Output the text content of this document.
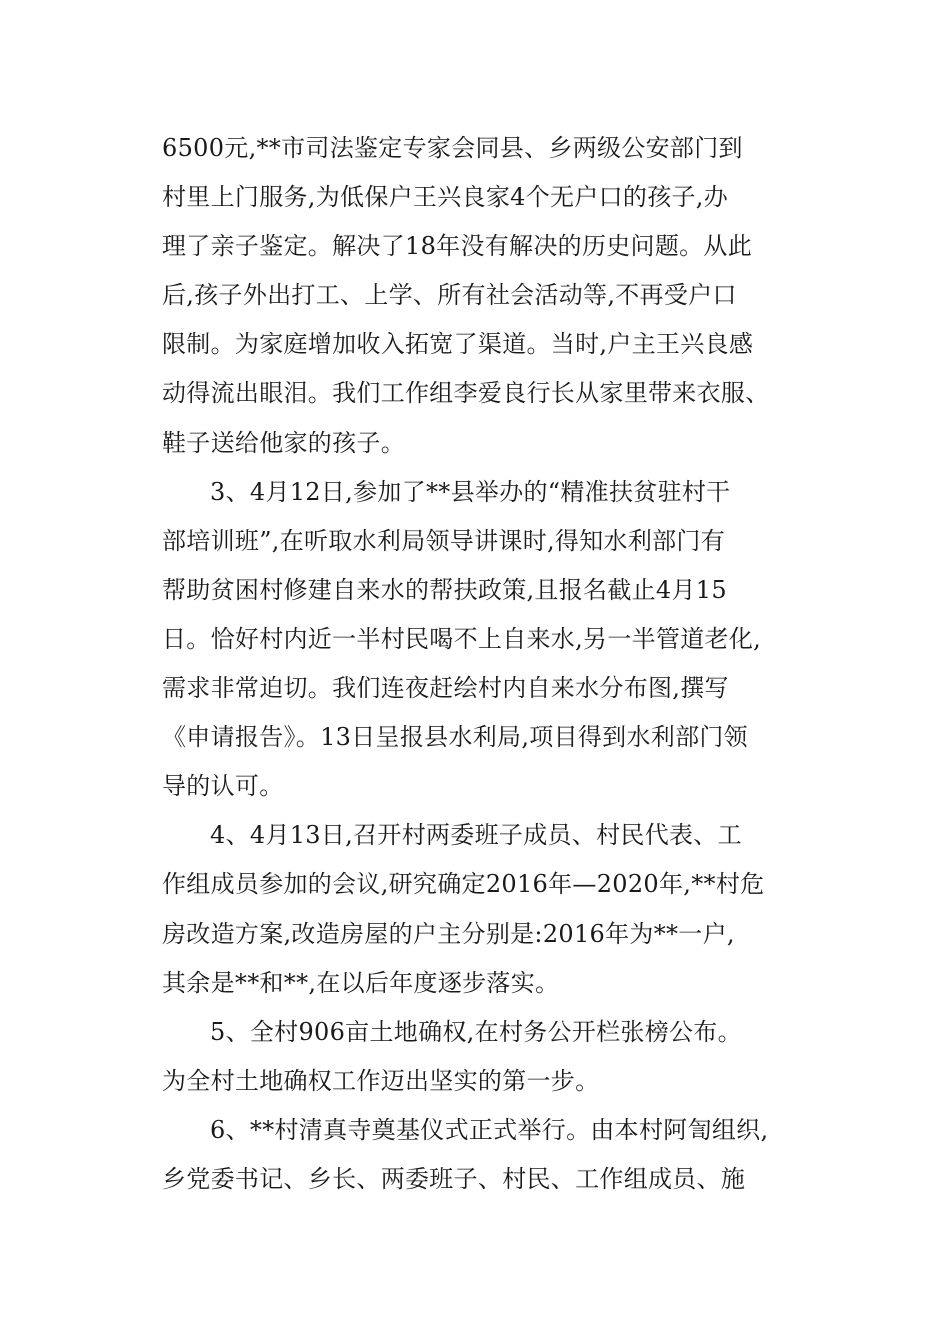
6500元,**市司法鉴定专家会同县、乡两级公安部门到
村里上门服务,为低保户王兴良家4个无户口的孩子,办
理了亲子鉴定。解决了18年没有解决的历史问题。从此
后,孩子外出打工、上学、所有社会活动等,不再受户口
限制。为家庭增加收入拓宽了渠道。当时,户主王兴良感
动得流出眼泪。我们工作组李爱良行长从家里带来衣服、
鞋子送给他家的孩子。
3、4月12日,参加了**县举办的“精准扶贫驻村干
部培训班”,在听取水利局领导讲课时,得知水利部门有
帮助贫困村修建自来水的帮扶政策,且报名截止4月15
日。恰好村内近一半村民喝不上自来水,另一半管道老化,
需求非常迫切。我们连夜赶绘村内自来水分布图,撰写
《申请报告》。13日呈报县水利局,项目得到水利部门领
导的认可。
4、4月13日,召开村两委班子成员、村民代表、工
作组成员参加的会议,研究确定2016年—2020年,**村危
房改造方案,改造房屋的户主分别是:2016年为**一户,
其余是**和**,在以后年度逐步落实。
5、全村906亩土地确权,在村务公开栏张榜公布。
为全村土地确权工作迈出坚实的第一步。
6、**村清真寺奠基仪式正式举行。由本村阿訇组织,
乡党委书记、乡长、两委班子、村民、工作组成员、施
